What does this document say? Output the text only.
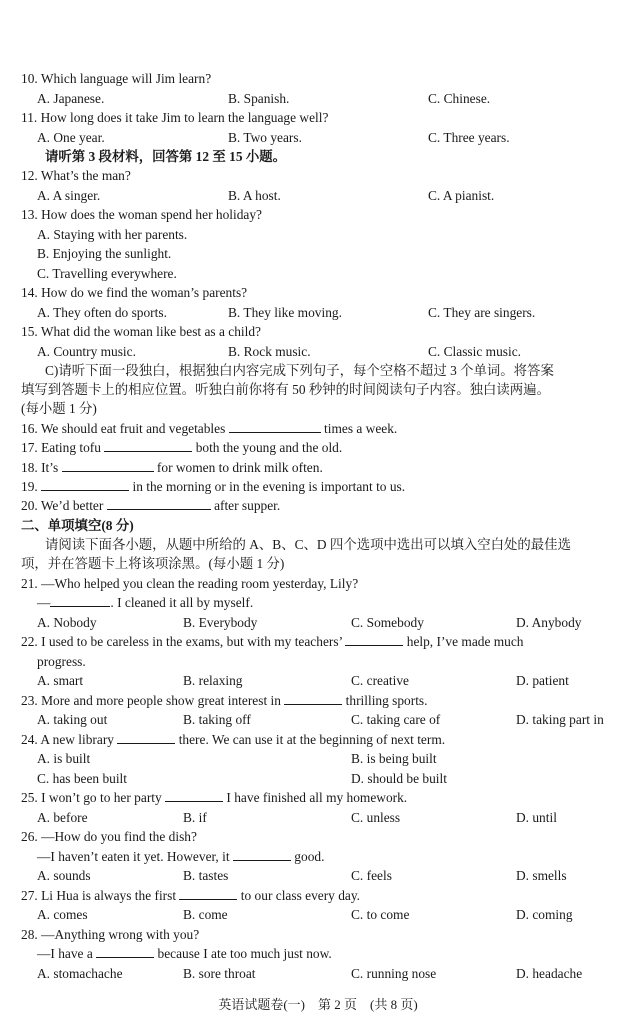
10. Which language will Jim learn?
A. Japanese.	B. Spanish.	C. Chinese.
11. How long does it take Jim to learn the language well?
A. One year.	B. Two years.	C. Three years.
请听第 3 段材料，回答第 12 至 15 小题。
12. What’s the man?
A. A singer.	B. A host.	C. A pianist.
13. How does the woman spend her holiday?
A. Staying with her parents.
B. Enjoying the sunlight.
C. Travelling everywhere.
14. How do we find the woman’s parents?
A. They often do sports.	B. They like moving.	C. They are singers.
15. What did the woman like best as a child?
A. Country music.	B. Rock music.	C. Classic music.
C)请听下面一段独白，根据独白内容完成下列句子，每个空格不超过 3 个单词。将答案
填写到答题卡上的相应位置。听独白前你将有 50 秒钟的时间阅读句子内容。独白读两遍。
(每小题 1 分)
16. We should eat fruit and vegetables	times a week.
17. Eating tofu	both the young and the old.
18. It’s	for women to drink milk often.
19.	in the morning or in the evening is important to us.
20. We’d better	after supper.
二、单项填空(8 分)
请阅读下面各小题，从题中所给的 A、B、C、D 四个选项中选出可以填入空白处的最佳选
项，并在答题卡上将该项涂黑。(每小题 1 分)
21. —Who helped you clean the reading room yesterday, Lily?
—	. I cleaned it all by myself.
A. Nobody	B. Everybody	C. Somebody	D. Anybody
22. I used to be careless in the exams, but with my teachers’	help, I’ve made much
progress.
A. smart	B. relaxing	C. creative	D. patient
23. More and more people show great interest in	thrilling sports.
A. taking out	B. taking off	C. taking care of	D. taking part in
24. A new library	there. We can use it at the beginning of next term.
A. is built	B. is being built
C. has been built	D. should be built
25. I won’t go to her party	I have finished all my homework.
A. before	B. if	C. unless	D. until
26. —How do you find the dish?
—I haven’t eaten it yet. However, it	good.
A. sounds	B. tastes	C. feels	D. smells
27. Li Hua is always the first	to our class every day.
A. comes	B. come	C. to come	D. coming
28. —Anything wrong with you?
—I have a	because I ate too much just now.
A. stomachache	B. sore throat	C. running nose	D. headache
英语试题卷(一)　第 2 页　(共 8 页)
